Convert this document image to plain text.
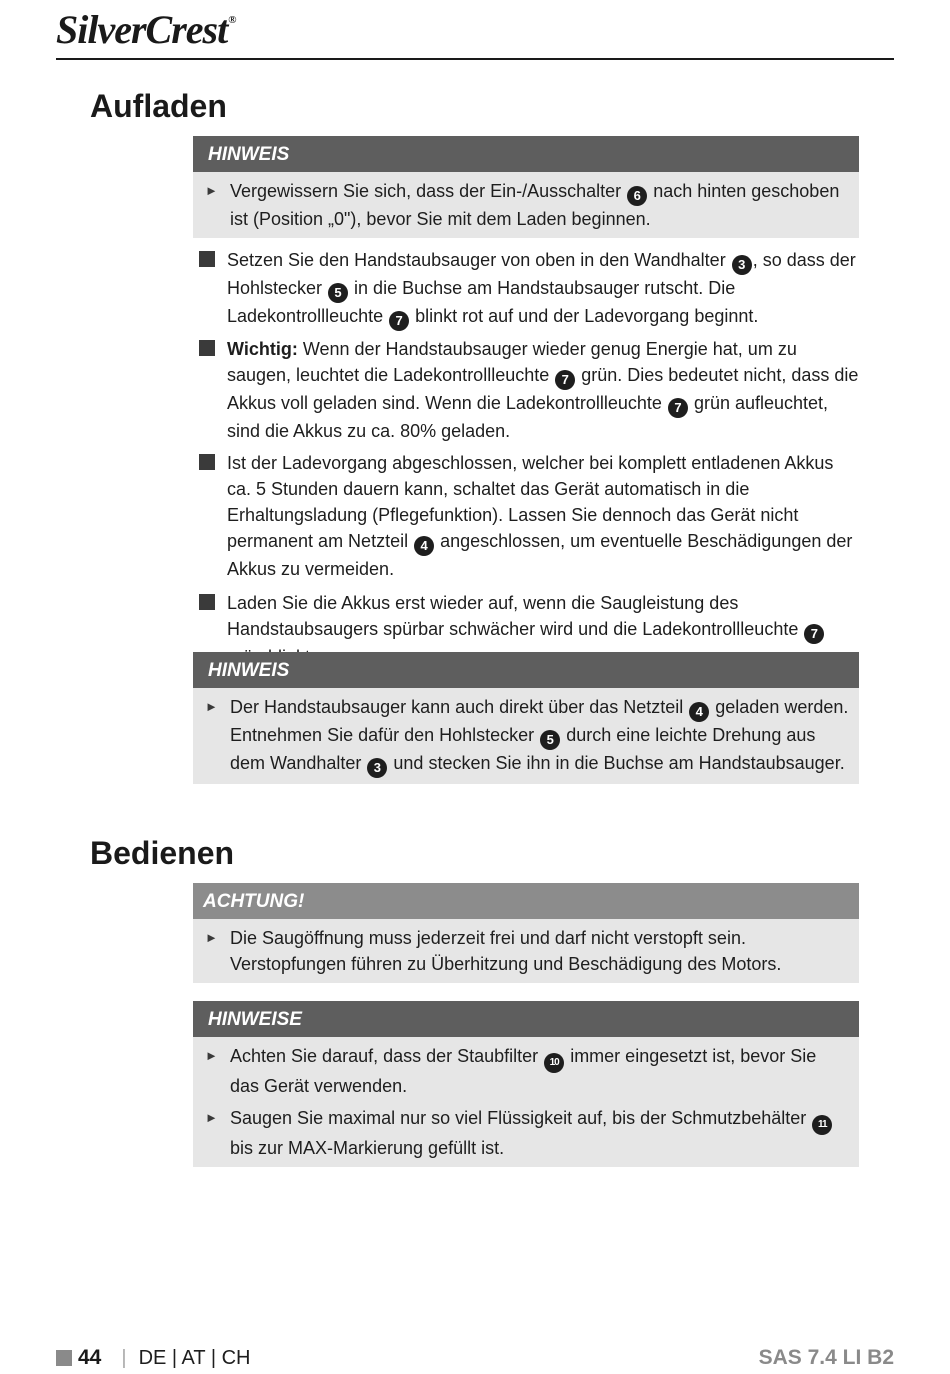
SilverCrest®
Aufladen
HINWEIS
► Vergewissern Sie sich, dass der Ein-/Ausschalter 6 nach hinten geschoben ist (Position „0"), bevor Sie mit dem Laden beginnen.
Setzen Sie den Handstaubsauger von oben in den Wandhalter 3 , so dass der Hohlstecker 5 in die Buchse am Handstaubsauger rutscht. Die Ladekontrollleuchte 7 blinkt rot auf und der Ladevorgang beginnt.
Wichtig: Wenn der Handstaubsauger wieder genug Energie hat, um zu saugen, leuchtet die Ladekontrollleuchte 7 grün. Dies bedeutet nicht, dass die Akkus voll geladen sind. Wenn die Ladekontrollleuchte 7 grün aufleuchtet, sind die Akkus zu ca. 80% geladen.
Ist der Ladevorgang abgeschlossen, welcher bei komplett entladenen Akkus ca. 5 Stunden dauern kann, schaltet das Gerät automatisch in die Erhaltungsladung (Pflegefunktion). Lassen Sie dennoch das Gerät nicht permanent am Netzteil 4 angeschlossen, um eventuelle Beschädigungen der Akkus zu vermeiden.
Laden Sie die Akkus erst wieder auf, wenn die Saugleistung des Handstaubsaugers spürbar schwächer wird und die Ladekontrollleuchte 7
HINWEIS
► Der Handstaubsauger kann auch direkt über das Netzteil 4 geladen werden. Entnehmen Sie dafür den Hohlstecker 5 durch eine leichte Drehung aus dem Wandhalter 3 und stecken Sie ihn in die Buchse am Handstaubsauger.
Bedienen
ACHTUNG!
► Die Saugöffnung muss jederzeit frei und darf nicht verstopft sein. Verstopfungen führen zu Überhitzung und Beschädigung des Motors.
HINWEISE
► Achten Sie darauf, dass der Staubfilter 10 immer eingesetzt ist, bevor Sie das Gerät verwenden.
► Saugen Sie maximal nur so viel Flüssigkeit auf, bis der Schmutzbehälter 11 bis zur MAX-Markierung gefüllt ist.
44 | DE | AT | CH	SAS 7.4 LI B2
